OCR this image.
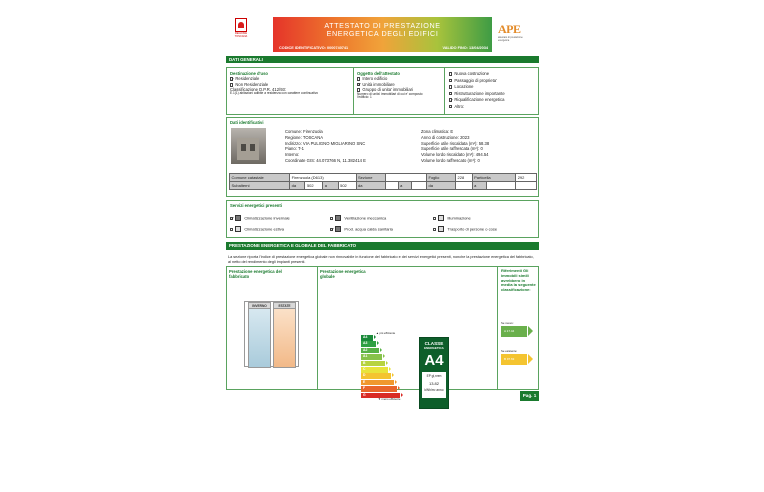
REGIONE TOSCANA
ATTESTATO DI PRESTAZIONE
ENERGETICA DEGLI EDIFICI
CODICE IDENTIFICATIVO: 0000740741	VALIDO FINO: 13/04/2034
APE
attestato di prestazione energetica
DATI GENERALI
Destinazione d'uso
✓Residenziale
Non Residenziale
Classificazione D.P.R. 412/93:
E.1(1) abitazioni adibite a residenza con carattere continuativo
Oggetto dell'attestato
Intero edificio
✓Unità immobiliare
Gruppo di unita' immobiliari
Numero di unita' immobiliari di cui e' composto l'edificio: 1
Nuova costruzione
Passaggio di proprieta'
Locazione
Ristrutturazione importante
✓Riqualificazione energetica
Altro:
Dati identificativi
Comune: Firenzuola
Regione: TOSCANA
Indirizzo: VIA PULIGNO MIGLIARINO SNC
Piano: T-1
Interno:
Coordinate GIS: 44.073766 N, 11.382414 E
Zona climatica: E
Anno di costruzione: 2023
Superficie utile riscaldata (m²): 58.38
Superficie utile raffrescata (m²): 0
Volume lordo riscaldato (m³): 494.54
Volume lordo raffrescato (m³): 0
Comune catastale	Firenzuola (D613)				Sezione				Foglio	228	Particella		292
Subalterni	da	502	a	502	da		a		da		a		
Servizi energetici presenti
✓Climatizzazione invernale	Ventilazione meccanica	Illuminazione
Climatizzazione estiva ✓	Prod. acqua calda sanitaria	Trasporto di persone o cose
PRESTAZIONE ENERGETICA E GLOBALE DEL FABBRICATO
La sezione riporta l'indice di prestazione energetica globale non rinnovabile in funzione del fabbricato e dei servizi energetici presenti, nonche la prestazione energetica del fabbricato, al netto del rendimento degli impianti presenti.
Prestazione energetica del fabbricato
INVERNO	ESTATE
Prestazione energetica globale
▲ più efficiente
A4
A3
A2
A1
B
C
D
E
F
G
▼ meno efficiente
CLASSE
ENERGETICA
A4
EP gl,nren
13.82
kWh/m² anno
Riferimenti Gli immobili simili avrebbero in media la seguente classificazione:
Se nuovo:
A 17.44
Se esistente:
B 97.63
Pag. 1
